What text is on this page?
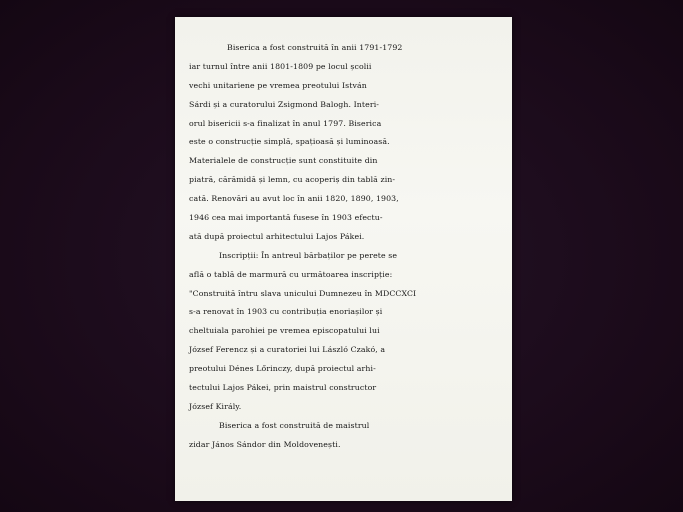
Biserica a fost construită în anii 1791-1792
iar turnul între anii 1801-1809 pe locul școlii
vechi unitariene pe vremea preotului István
Sárdi și a curatorului Zsigmond Balogh. Interi-
orul bisericii s-a finalizat în anul 1797. Biserica
este o construcție simplă, spațioasă și luminoasă.
Materialele de construcție sunt constituite din
piatră, cărămidă și lemn, cu acoperiș din tablă zin-
cată. Renovări au avut loc în anii 1820, 1890, 1903,
1946 cea mai importantă fusese în 1903 efectu-
ată după proiectul arhitectului Lajos Pákei.
Inscripții: În antreul bărbaților pe perete se
află o tablă de marmură cu următoarea inscripție:
"Construită întru slava unicului Dumnezeu în MDCCXCI
s-a renovat în 1903 cu contribuția enoriașilor și
cheltuiala parohiei pe vremea episcopatului lui
József Ferencz și a curatoriei lui László Czakó, a
preotului Dénes Lőrinczy, după proiectul arhi-
tectului Lajos Pákei, prin maistrul constructor
József Király.
Biserica a fost construită de maistrul
zidar János Sándor din Moldovenești.
